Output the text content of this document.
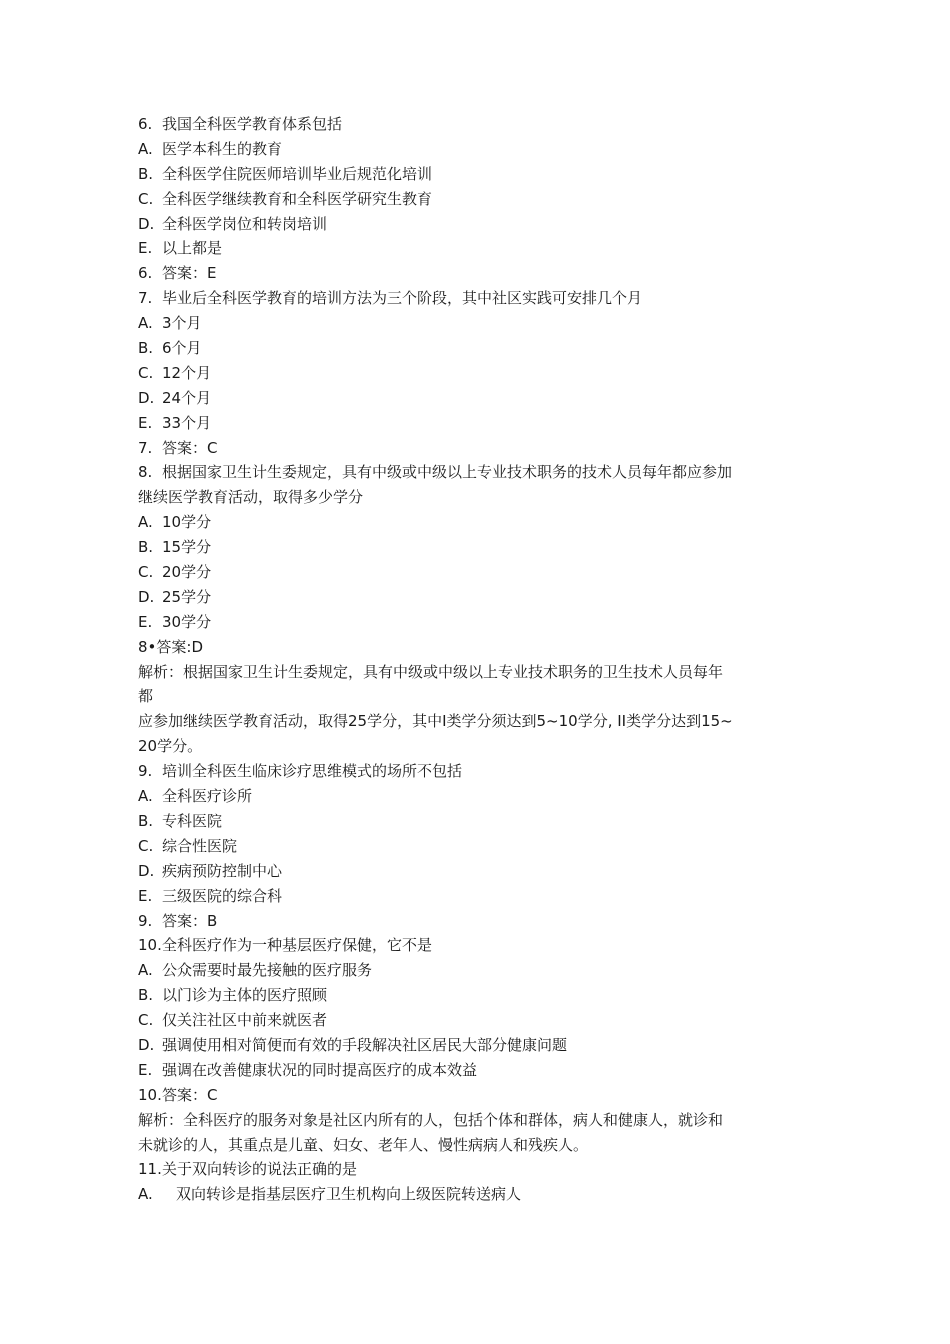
6. 我国全科医学教育体系包括
A. 医学本科生的教育
B. 全科医学住院医师培训毕业后规范化培训
C. 全科医学继续教育和全科医学研究生教育
D. 全科医学岗位和转岗培训
E. 以上都是
6. 答案：E
7. 毕业后全科医学教育的培训方法为三个阶段，其中社区实践可安排几个月
A. 3个月
B. 6个月
C. 12个月
D. 24个月
E. 33个月
7. 答案：C
8. 根据国家卫生计生委规定，具有中级或中级以上专业技术职务的技术人员每年都应参加
继续医学教育活动，取得多少学分
A. 10学分
B. 15学分
C. 20学分
D. 25学分
E. 30学分
8•答案:D
解析：根据国家卫生计生委规定，具有中级或中级以上专业技术职务的卫生技术人员每年
都
应参加继续医学教育活动，取得25学分，其中I类学分须达到5~10学分, II类学分达到15~
20学分。
9. 培训全科医生临床诊疗思维模式的场所不包括
A. 全科医疗诊所
B. 专科医院
C. 综合性医院
D. 疾病预防控制中心
E. 三级医院的综合科
9. 答案：B
10.全科医疗作为一种基层医疗保健，它不是
A. 公众需要时最先接触的医疗服务
B. 以门诊为主体的医疗照顾
C. 仅关注社区中前来就医者
D. 强调使用相对简便而有效的手段解决社区居民大部分健康问题
E. 强调在改善健康状况的同时提高医疗的成本效益
10.答案：C
解析：全科医疗的服务对象是社区内所有的人，包括个体和群体，病人和健康人，就诊和
未就诊的人，其重点是儿童、妇女、老年人、慢性病病人和残疾人。
11.关于双向转诊的说法正确的是
A. 双向转诊是指基层医疗卫生机构向上级医院转送病人
